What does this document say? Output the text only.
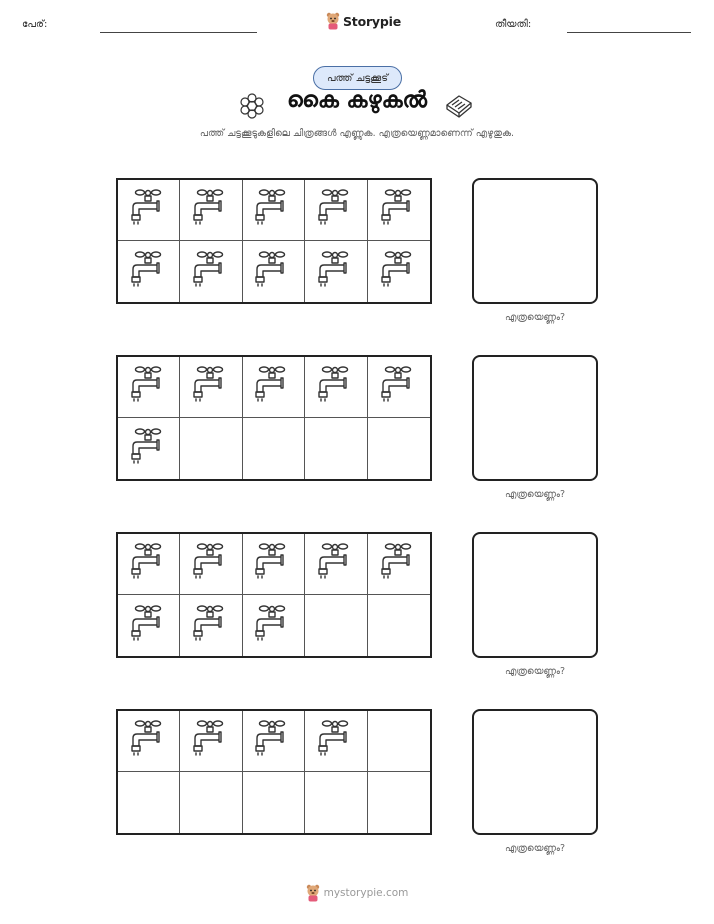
പേര്:	Storypie	തീയതി:
പത്ത് ചട്ടക്കൂട്
കൈ കഴുകൽ
പത്ത് ചട്ടക്കൂടുകളിലെ ചിത്രങ്ങൾ എണ്ണുക. എത്രയെണ്ണമാണെന്ന് എഴുതുക.
എത്രയെണ്ണം?
എത്രയെണ്ണം?
എത്രയെണ്ണം?
എത്രയെണ്ണം?
mystorypie.com
